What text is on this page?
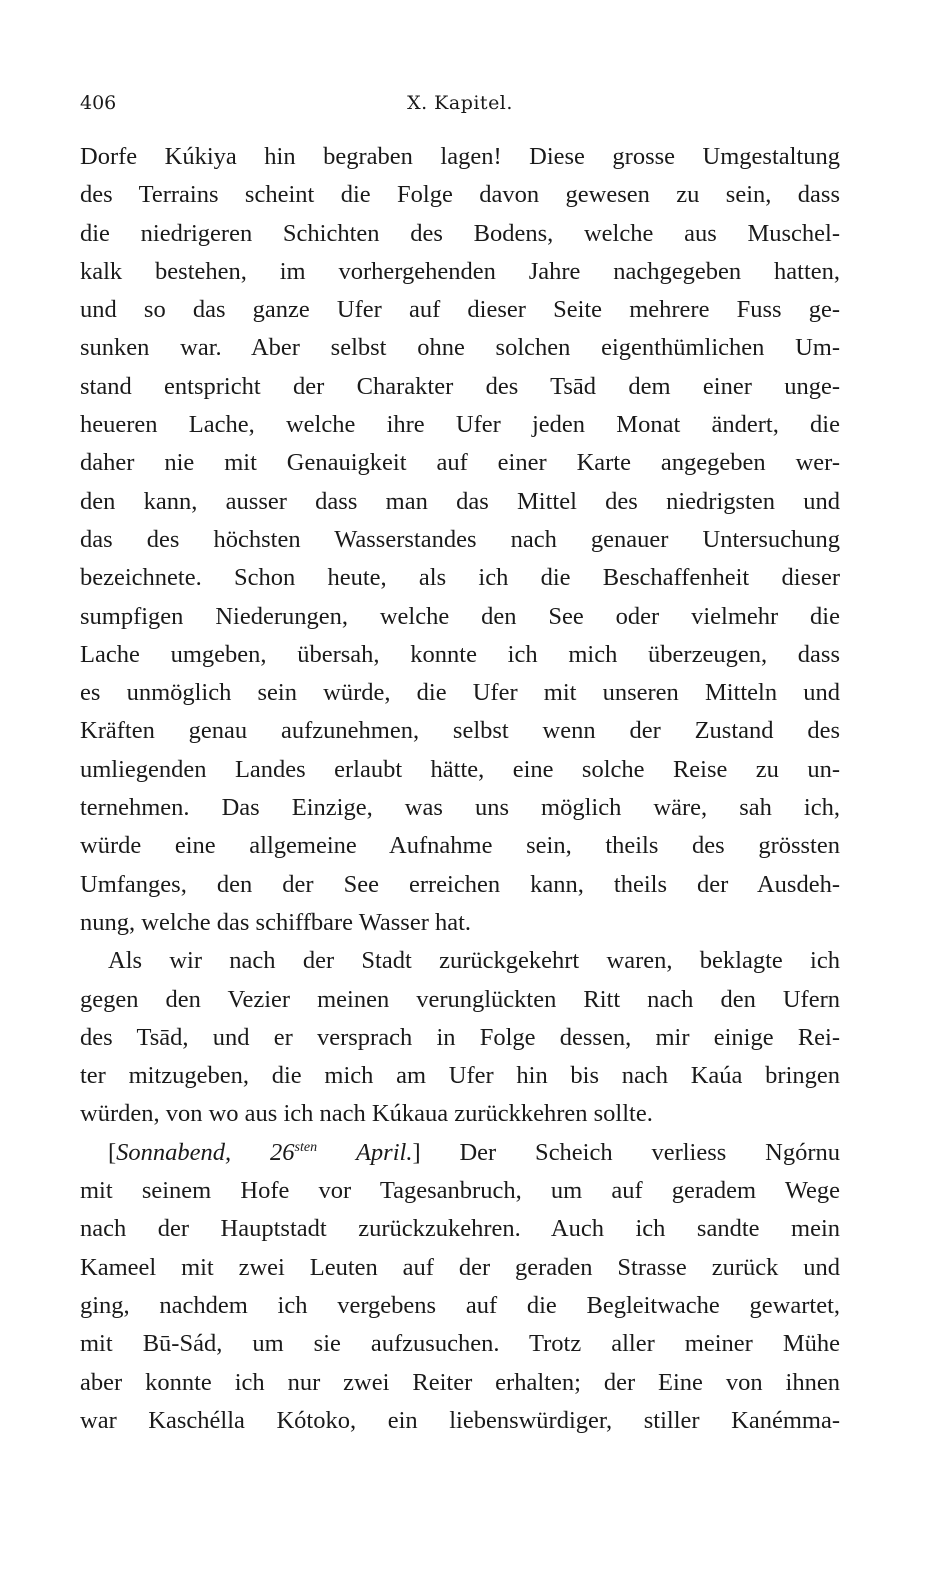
406	X. Kapitel.
Dorfe Kúkiya hin begraben lagen! Diese grosse Umgestaltung
des Terrains scheint die Folge davon gewesen zu sein, dass
die niedrigeren Schichten des Bodens, welche aus Muschel-
kalk bestehen, im vorhergehenden Jahre nachgegeben hatten,
und so das ganze Ufer auf dieser Seite mehrere Fuss ge-
sunken war. Aber selbst ohne solchen eigenthümlichen Um-
stand entspricht der Charakter des Tsād dem einer unge-
heueren Lache, welche ihre Ufer jeden Monat ändert, die
daher nie mit Genauigkeit auf einer Karte angegeben wer-
den kann, ausser dass man das Mittel des niedrigsten und
das des höchsten Wasserstandes nach genauer Untersuchung
bezeichnete. Schon heute, als ich die Beschaffenheit dieser
sumpfigen Niederungen, welche den See oder vielmehr die
Lache umgeben, übersah, konnte ich mich überzeugen, dass
es unmöglich sein würde, die Ufer mit unseren Mitteln und
Kräften genau aufzunehmen, selbst wenn der Zustand des
umliegenden Landes erlaubt hätte, eine solche Reise zu un-
ternehmen. Das Einzige, was uns möglich wäre, sah ich,
würde eine allgemeine Aufnahme sein, theils des grössten
Umfanges, den der See erreichen kann, theils der Ausdeh-
nung, welche das schiffbare Wasser hat.
Als wir nach der Stadt zurückgekehrt waren, beklagte ich
gegen den Vezier meinen verunglückten Ritt nach den Ufern
des Tsād, und er versprach in Folge dessen, mir einige Rei-
ter mitzugeben, die mich am Ufer hin bis nach Kaúa bringen
würden, von wo aus ich nach Kúkaua zurückkehren sollte.
[Sonnabend, $26^{sten}$ April.] Der Scheich verliess Ngórnu
mit seinem Hofe vor Tagesanbruch, um auf geradem Wege
nach der Hauptstadt zurückzukehren. Auch ich sandte mein
Kameel mit zwei Leuten auf der geraden Strasse zurück und
ging, nachdem ich vergebens auf die Begleitwache gewartet,
mit Bū-Sád, um sie aufzusuchen. Trotz aller meiner Mühe
aber konnte ich nur zwei Reiter erhalten; der Eine von ihnen
war Kaschélla Kótoko, ein liebenswürdiger, stiller Kanémma-
